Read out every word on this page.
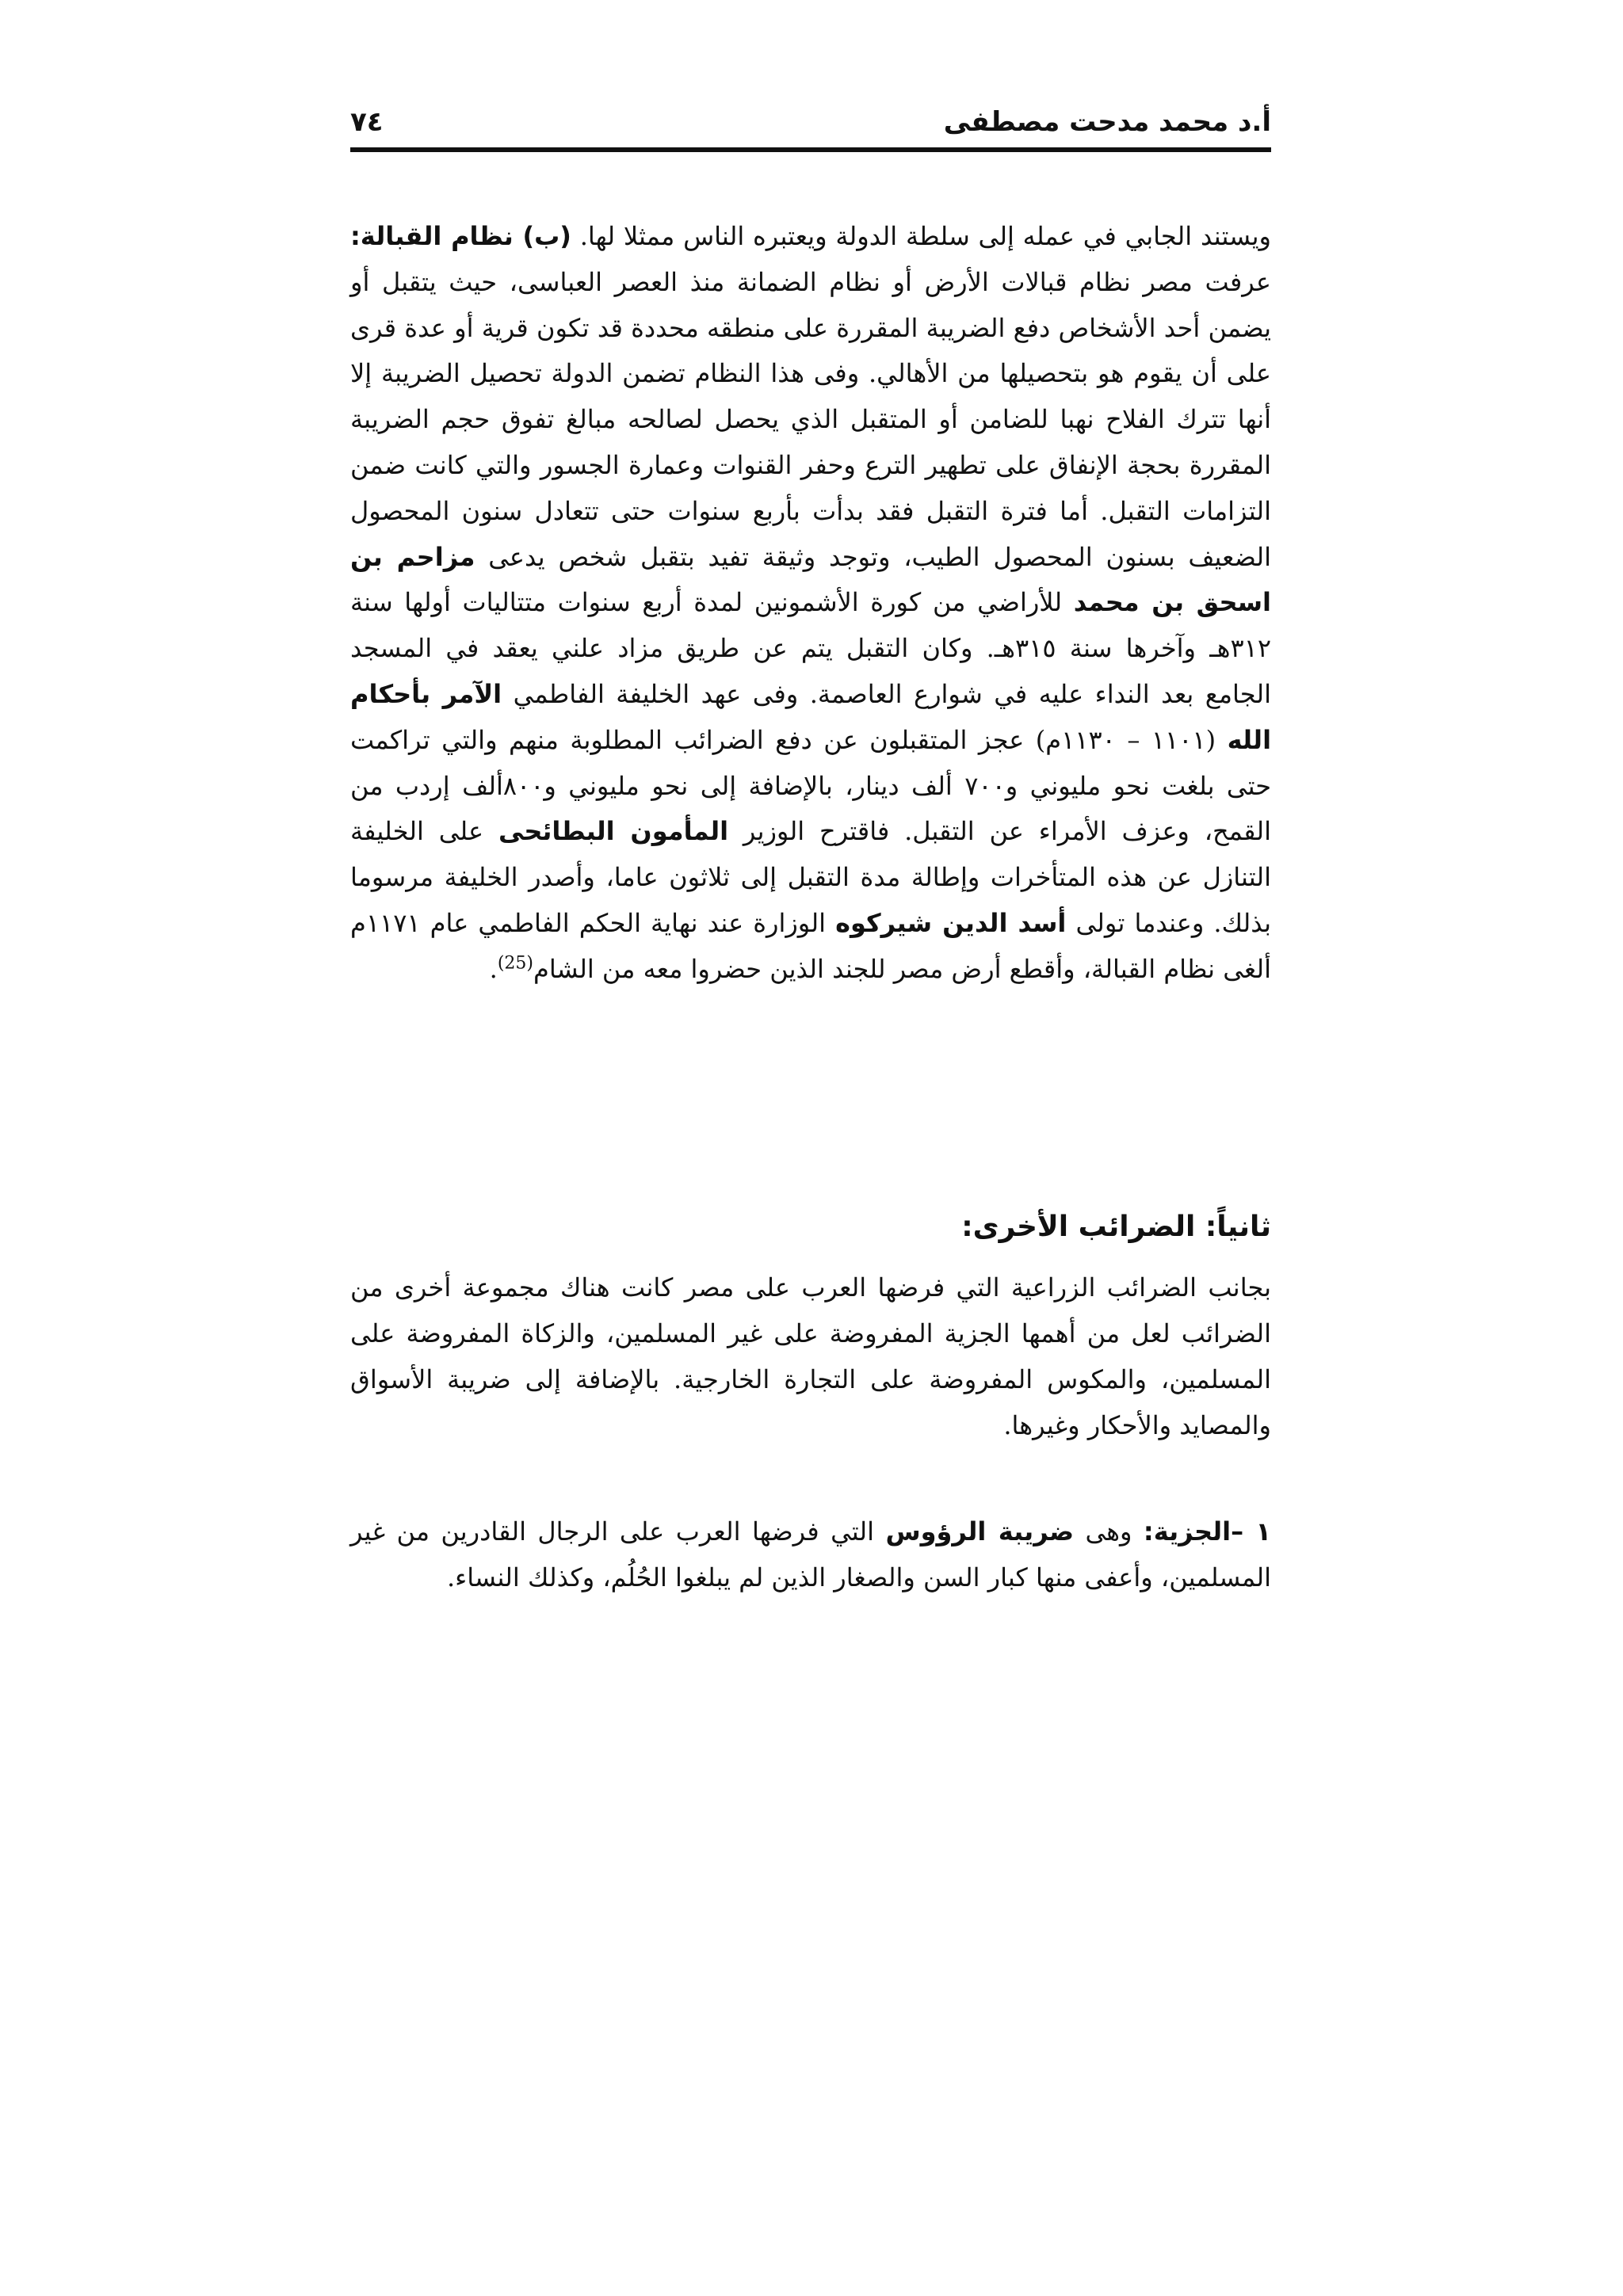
أ.د محمد مدحت مصطفى
٧٤
ويستند الجابي في عمله إلى سلطة الدولة ويعتبره الناس ممثلا لها. (ب) نظام القبالة: عرفت مصر نظام قبالات الأرض أو نظام الضمانة منذ العصر العباسى، حيث يتقبل أو يضمن أحد الأشخاص دفع الضريبة المقررة على منطقه محددة قد تكون قرية أو عدة قرى على أن يقوم هو بتحصيلها من الأهالي. وفى هذا النظام تضمن الدولة تحصيل الضريبة إلا أنها تترك الفلاح نهبا للضامن أو المتقبل الذي يحصل لصالحه مبالغ تفوق حجم الضريبة المقررة بحجة الإنفاق على تطهير الترع وحفر القنوات وعمارة الجسور والتي كانت ضمن التزامات التقبل. أما فترة التقبل فقد بدأت بأربع سنوات حتى تتعادل سنون المحصول الضعيف بسنون المحصول الطيب، وتوجد وثيقة تفيد بتقبل شخص يدعى مزاحم بن اسحق بن محمد للأراضي من كورة الأشمونين لمدة أربع سنوات متتاليات أولها سنة ٣١٢هـ وآخرها سنة ٣١٥هـ. وكان التقبل يتم عن طريق مزاد علني يعقد في المسجد الجامع بعد النداء عليه في شوارع العاصمة. وفى عهد الخليفة الفاطمي الآمر بأحكام الله (١١٠١ – ١١٣٠م) عجز المتقبلون عن دفع الضرائب المطلوبة منهم والتي تراكمت حتى بلغت نحو مليوني و٧٠٠ ألف دينار، بالإضافة إلى نحو مليوني و٨٠٠ألف إردب من القمح، وعزف الأمراء عن التقبل. فاقترح الوزير المأمون البطائحى على الخليفة التنازل عن هذه المتأخرات وإطالة مدة التقبل إلى ثلاثون عاما، وأصدر الخليفة مرسوما بذلك. وعندما تولى أسد الدين شيركوه الوزارة عند نهاية الحكم الفاطمي عام ١١٧١م ألغى نظام القبالة، وأقطع أرض مصر للجند الذين حضروا معه من الشام$^{(25)}$.
ثانياً: الضرائب الأخرى:
بجانب الضرائب الزراعية التي فرضها العرب على مصر كانت هناك مجموعة أخرى من الضرائب لعل من أهمها الجزية المفروضة على غير المسلمين، والزكاة المفروضة على المسلمين، والمكوس المفروضة على التجارة الخارجية. بالإضافة إلى ضريبة الأسواق والمصايد والأحكار وغيرها.
١ –الجزية: وهى ضريبة الرؤوس التي فرضها العرب على الرجال القادرين من غير المسلمين، وأعفى منها كبار السن والصغار الذين لم يبلغوا الحُلُم، وكذلك النساء.
